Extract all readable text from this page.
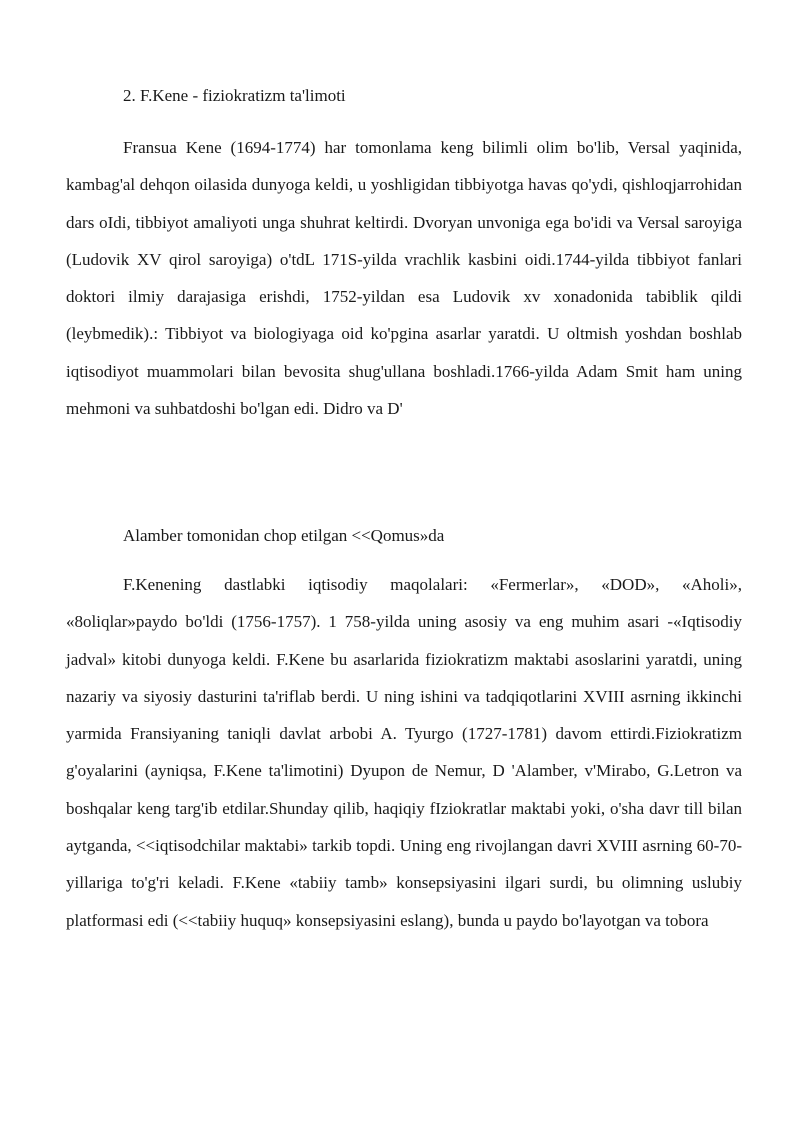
2. F.Kene - fiziokratizm ta'limoti

Fransua Kene (1694-1774) har tomonlama keng bilimli olim bo'lib, Versal yaqinida, kambag'al dehqon oilasida dunyoga keldi, u yoshligidan tibbiyotga havas qo'ydi, qishloqjarrohidan dars oIdi, tibbiyot amaliyoti unga shuhrat keltirdi. Dvoryan unvoniga ega bo'idi va Versal saroyiga (Ludovik XV qirol saroyiga) o'tdL 171S-yilda vrachlik kasbini oidi.1744-yilda tibbiyot fanlari doktori ilmiy darajasiga erishdi, 1752-yildan esa Ludovik xv xonadonida tabiblik qildi (leybmedik).: Tibbiyot va biologiyaga oid ko'pgina asarlar yaratdi. U oltmish yoshdan boshlab iqtisodiyot muammolari bilan bevosita shug'ullana boshladi.1766-yilda Adam Smit ham uning mehmoni va suhbatdoshi bo'lgan edi. Didro va D'

Alamber tomonidan chop etilgan <<Qomus»da

F.Kenening dastlabki iqtisodiy maqolalari: «Fermerlar», «DOD», «Aholi», «8oliqlar»paydo bo'ldi (1756-1757). 1 758-yilda uning asosiy va eng muhim asari -«Iqtisodiy jadval» kitobi dunyoga keldi. F.Kene bu asarlarida fiziokratizm maktabi asoslarini yaratdi, uning nazariy va siyosiy dasturini ta'riflab berdi. U ning ishini va tadqiqotlarini XVIII asrning ikkinchi yarmida Fransiyaning taniqli davlat arbobi A. Tyurgo (1727-1781) davom ettirdi.Fiziokratizm g'oyalarini (ayniqsa, F.Kene ta'limotini) Dyupon de Nemur, D 'Alamber, v'Mirabo, G.Letron va boshqalar keng targ'ib etdilar.Shunday qilib, haqiqiy fIziokratlar maktabi yoki, o'sha davr till bilan aytganda, <<iqtisodchilar maktabi» tarkib topdi. Uning eng rivojlangan davri XVIII asrning 60-70-yillariga to'g'ri keladi. F.Kene «tabiiy tamb» konsepsiyasini ilgari surdi, bu olimning uslubiy platformasi edi (<<tabiiy huquq» konsepsiyasini eslang), bunda u paydo bo'layotgan va tobora
